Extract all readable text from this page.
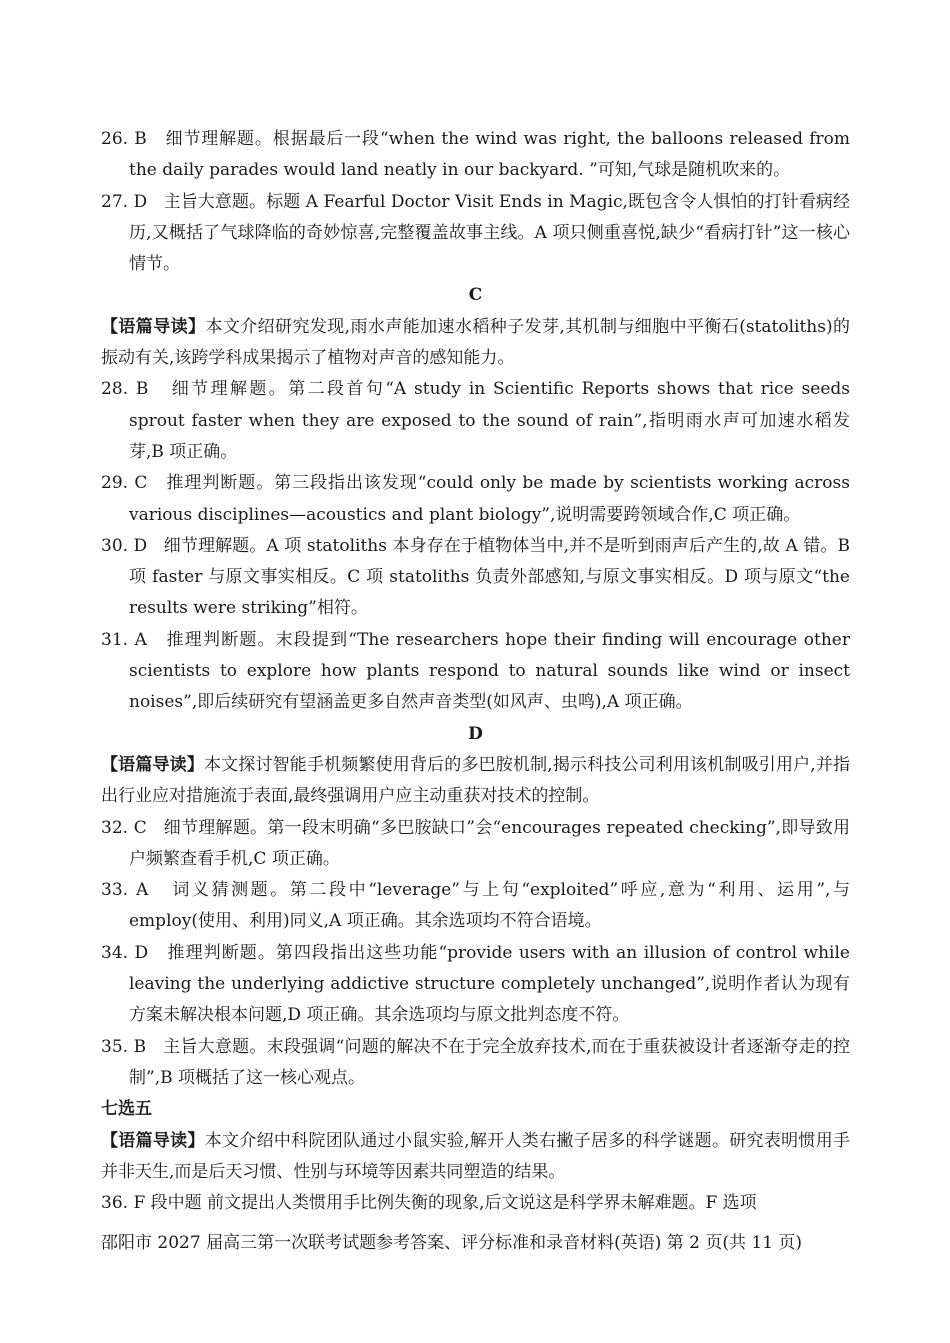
26. B 细节理解题。根据最后一段“when the wind was right, the balloons released from the daily parades would land neatly in our backyard. ”可知,气球是随机吹来的。

27. D 主旨大意题。标题 A Fearful Doctor Visit Ends in Magic,既包含令人惧怕的打针看病经历,又概括了气球降临的奇妙惊喜,完整覆盖故事主线。A 项只侧重喜悦,缺少“看病打针”这一核心情节。

C

【语篇导读】本文介绍研究发现,雨水声能加速水稻种子发芽,其机制与细胞中平衡石(statoliths)的振动有关,该跨学科成果揭示了植物对声音的感知能力。

28. B 细节理解题。第二段首句“A study in Scientific Reports shows that rice seeds sprout faster when they are exposed to the sound of rain”,指明雨水声可加速水稻发芽,B 项正确。

29. C 推理判断题。第三段指出该发现“could only be made by scientists working across various disciplines—acoustics and plant biology”,说明需要跨领域合作,C 项正确。

30. D 细节理解题。A 项 statoliths 本身存在于植物体当中,并不是听到雨声后产生的,故 A 错。B 项 faster 与原文事实相反。C 项 statoliths 负责外部感知,与原文事实相反。D 项与原文“the results were striking”相符。

31. A 推理判断题。末段提到“The researchers hope their finding will encourage other scientists to explore how plants respond to natural sounds like wind or insect noises”,即后续研究有望涵盖更多自然声音类型(如风声、虫鸣),A 项正确。

D

【语篇导读】本文探讨智能手机频繁使用背后的多巴胺机制,揭示科技公司利用该机制吸引用户,并指出行业应对措施流于表面,最终强调用户应主动重获对技术的控制。

32. C 细节理解题。第一段末明确“多巴胺缺口”会“encourages repeated checking”,即导致用户频繁查看手机,C 项正确。

33. A 词义猜测题。第二段中“leverage”与上句“exploited”呼应,意为“利用、运用”,与 employ(使用、利用)同义,A 项正确。其余选项均不符合语境。

34. D 推理判断题。第四段指出这些功能“provide users with an illusion of control while leaving the underlying addictive structure completely unchanged”,说明作者认为现有方案未解决根本问题,D 项正确。其余选项均与原文批判态度不符。

35. B 主旨大意题。末段强调“问题的解决不在于完全放弃技术,而在于重获被设计者逐渐夺走的控制”,B 项概括了这一核心观点。

七选五

【语篇导读】本文介绍中科院团队通过小鼠实验,解开人类右撇子居多的科学谜题。研究表明惯用手并非天生,而是后天习惯、性别与环境等因素共同塑造的结果。

36. F 段中题 前文提出人类惯用手比例失衡的现象,后文说这是科学界未解难题。F 选项

邵阳市 2027 届高三第一次联考试题参考答案、评分标准和录音材料(英语) 第 2 页(共 11 页)
